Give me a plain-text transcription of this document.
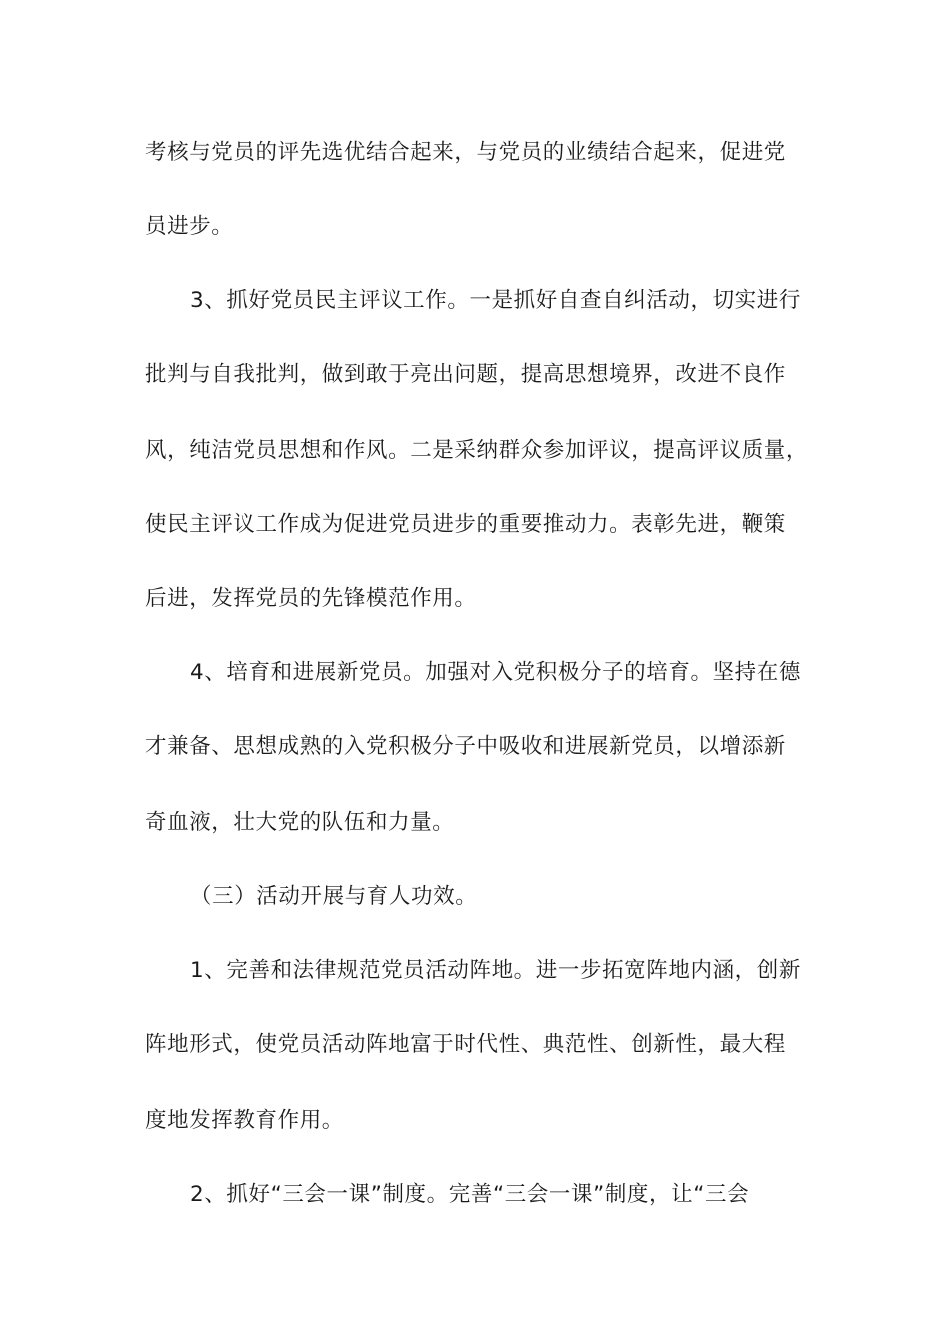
考核与党员的评先选优结合起来，与党员的业绩结合起来，促进党
员进步。
3、抓好党员民主评议工作。一是抓好自查自纠活动，切实进行
批判与自我批判，做到敢于亮出问题，提高思想境界，改进不良作
风，纯洁党员思想和作风。二是采纳群众参加评议，提高评议质量，
使民主评议工作成为促进党员进步的重要推动力。表彰先进，鞭策
后进，发挥党员的先锋模范作用。
4、培育和进展新党员。加强对入党积极分子的培育。坚持在德
才兼备、思想成熟的入党积极分子中吸收和进展新党员，以增添新
奇血液，壮大党的队伍和力量。
（三）活动开展与育人功效。
1、完善和法律规范党员活动阵地。进一步拓宽阵地内涵，创新
阵地形式，使党员活动阵地富于时代性、典范性、创新性，最大程
度地发挥教育作用。
2、抓好“三会一课”制度。完善“三会一课”制度，让“三会
